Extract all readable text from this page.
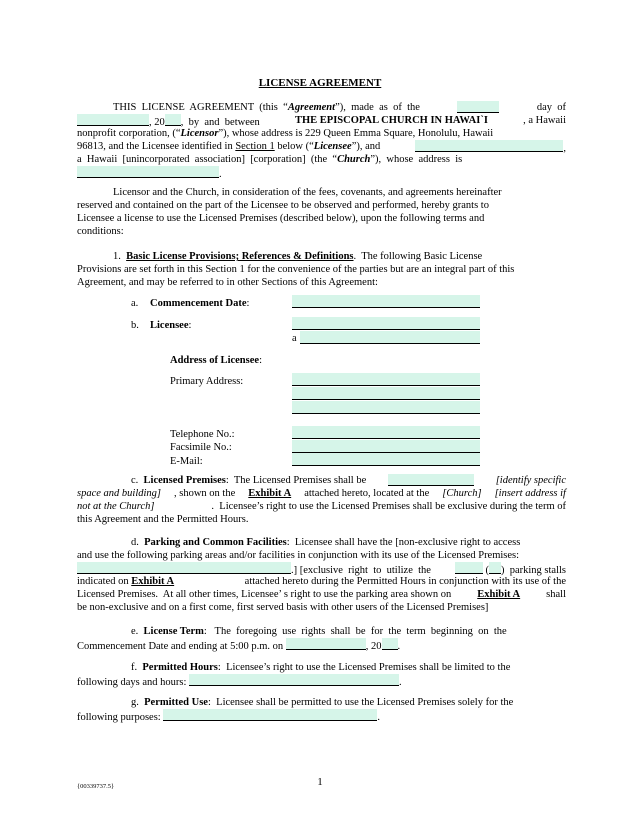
LICENSE AGREEMENT
THIS  LICENSE  AGREEMENT  (this  “Agreement”),  made  as  of  the	day  of
, 20 ,  by  and  between	THE EPISCOPAL CHURCH IN HAWAI`I	, a Hawaii
nonprofit corporation, (“Licensor”), whose address is 229 Queen Emma Square, Honolulu, Hawaii
96813, and the Licensee identified in Section 1 below (“Licensee”), and	,
a  Hawaii  [unincorporated  association]  [corporation]  (the  “Church”),  whose  address  is
.
Licensor and the Church, in consideration of the fees, covenants, and agreements hereinafter
reserved and contained on the part of the Licensee to be observed and performed, hereby grants to
Licensee a license to use the Licensed Premises (described below), upon the following terms and
conditions:
1. Basic License Provisions; References & Definitions.  The following Basic License
Provisions are set forth in this Section 1 for the convenience of the parties but are an integral part of this
Agreement, and may be referred to in other Sections of this Agreement:
a. Commencement Date:
b. Licensee:
a
Address of Licensee:
Primary Address:
Telephone No.:
Facsimile No.:
E-Mail:
c. Licensed Premises:  The Licensed Premises shall be	[identify specific
space and building] , shown on the Exhibit A attached hereto, located at the [Church] [insert address if
not at the Church]	.  Licensee’s right to use the Licensed Premises shall be exclusive during the term of
this Agreement and the Permitted Hours.
d. Parking and Common Facilities:  Licensee shall have the [non-exclusive right to access
and use the following parking areas and/or facilities in conjunction with its use of the Licensed Premises:
.] [exclusive  right  to  utilize  the	( )  parking stalls
indicated on Exhibit A	attached hereto during the Permitted Hours in conjunction with its use of the
Licensed Premises.  At all other times, Licensee’ s right to use the parking area shown on Exhibit A shall
be non-exclusive and on a first come, first served basis with other users of the Licensed Premises]
e. License Term:   The  foregoing  use  rights  shall  be  for  the  term  beginning  on  the
Commencement Date and ending at 5:00 p.m. on	, 20 .
f. Permitted Hours:  Licensee’s right to use the Licensed Premises shall be limited to the
following days and hours:	.
g. Permitted Use:  Licensee shall be permitted to use the Licensed Premises solely for the
following purposes:	.
{00339737.5}	1
